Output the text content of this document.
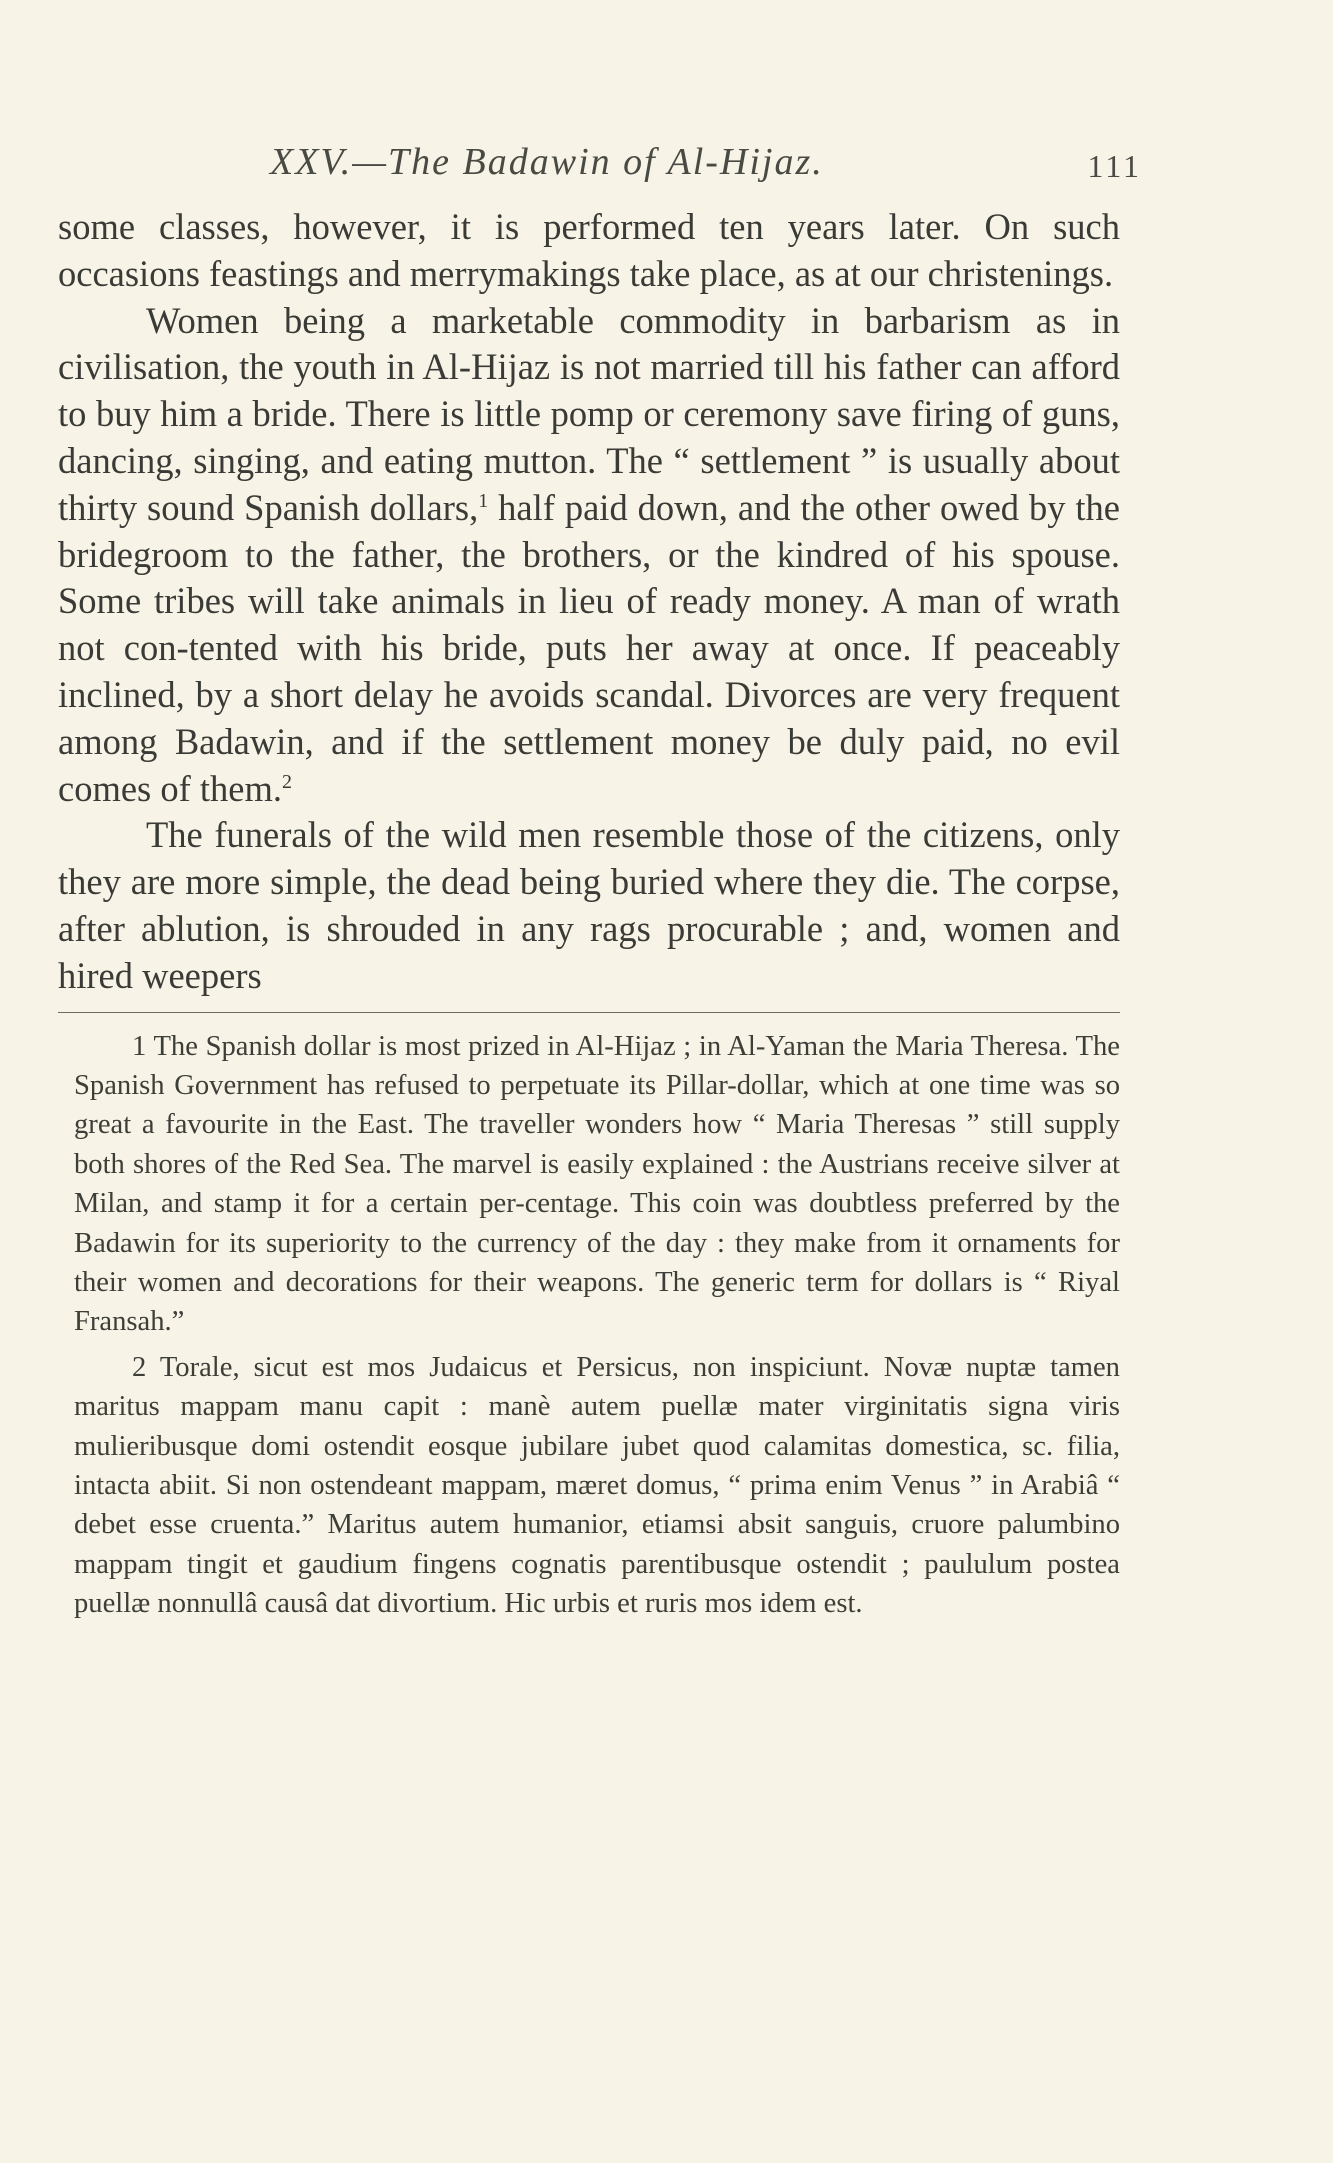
XXV.—The Badawin of Al-Hijaz.	111

some classes, however, it is performed ten years later. On such occasions feastings and merrymakings take place, as at our christenings.

Women being a marketable commodity in barbarism as in civilisation, the youth in Al-Hijaz is not married till his father can afford to buy him a bride. There is little pomp or ceremony save firing of guns, dancing, singing, and eating mutton. The “ settlement ” is usually about thirty sound Spanish dollars,$^1$ half paid down, and the other owed by the bridegroom to the father, the brothers, or the kindred of his spouse. Some tribes will take animals in lieu of ready money. A man of wrath not con-tented with his bride, puts her away at once. If peaceably inclined, by a short delay he avoids scandal. Divorces are very frequent among Badawin, and if the settlement money be duly paid, no evil comes of them.$^2$

The funerals of the wild men resemble those of the citizens, only they are more simple, the dead being buried where they die. The corpse, after ablution, is shrouded in any rags procurable ; and, women and hired weepers

1 The Spanish dollar is most prized in Al-Hijaz ; in Al-Yaman the Maria Theresa. The Spanish Government has refused to perpetuate its Pillar-dollar, which at one time was so great a favourite in the East. The traveller wonders how “ Maria Theresas ” still supply both shores of the Red Sea. The marvel is easily explained : the Austrians receive silver at Milan, and stamp it for a certain per-centage. This coin was doubtless preferred by the Badawin for its superiority to the currency of the day : they make from it ornaments for their women and decorations for their weapons. The generic term for dollars is “ Riyal Fransah.”

2 Torale, sicut est mos Judaicus et Persicus, non inspiciunt. Novæ nuptæ tamen maritus mappam manu capit : manè autem puellæ mater virginitatis signa viris mulieribusque domi ostendit eosque jubilare jubet quod calamitas domestica, sc. filia, intacta abiit. Si non ostendeant mappam, mæret domus, “ prima enim Venus ” in Arabiâ “ debet esse cruenta.” Maritus autem humanior, etiamsi absit sanguis, cruore palumbino mappam tingit et gaudium fingens cognatis parentibusque ostendit ; paululum postea puellæ nonnullâ causâ dat divortium. Hic urbis et ruris mos idem est.
